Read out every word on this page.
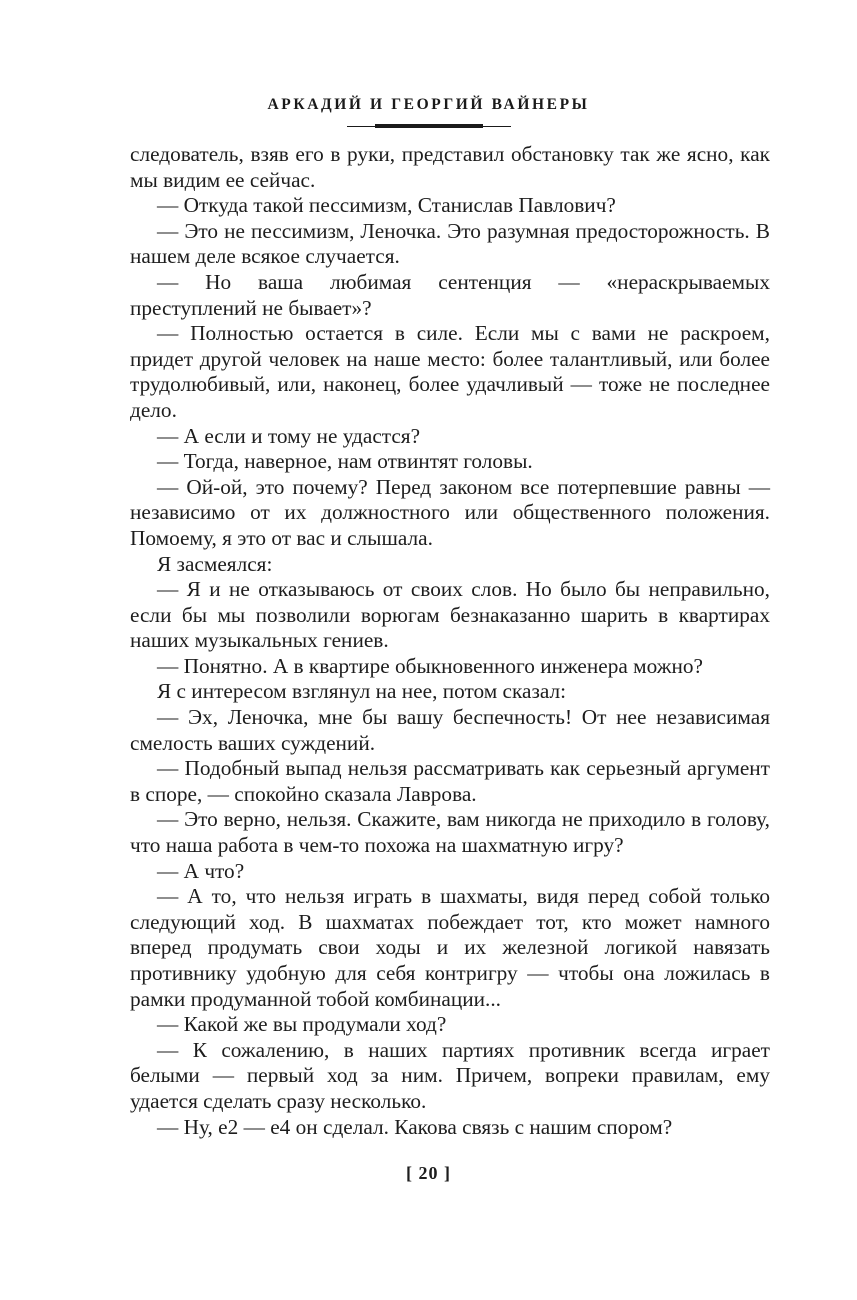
АРКАДИЙ И ГЕОРГИЙ ВАЙНЕРЫ

следователь, взяв его в руки, представил обстановку так же ясно, как мы видим ее сейчас.

— Откуда такой пессимизм, Станислав Павлович?

— Это не пессимизм, Леночка. Это разумная предосторожность. В нашем деле всякое случается.

— Но ваша любимая сентенция — «нераскрываемых преступлений не бывает»?

— Полностью остается в силе. Если мы с вами не раскроем, придет другой человек на наше место: более талантливый, или более трудолюбивый, или, наконец, более удачливый — тоже не последнее дело.

— А если и тому не удастся?

— Тогда, наверное, нам отвинтят головы.

— Ой-ой, это почему? Перед законом все потерпевшие равны — независимо от их должностного или общественного положения. Помоему, я это от вас и слышала.

Я засмеялся:

— Я и не отказываюсь от своих слов. Но было бы неправильно, если бы мы позволили ворюгам безнаказанно шарить в квартирах наших музыкальных гениев.

— Понятно. А в квартире обыкновенного инженера можно?

Я с интересом взглянул на нее, потом сказал:

— Эх, Леночка, мне бы вашу беспечность! От нее независимая смелость ваших суждений.

— Подобный выпад нельзя рассматривать как серьезный аргумент в споре, — спокойно сказала Лаврова.

— Это верно, нельзя. Скажите, вам никогда не приходило в голову, что наша работа в чем-то похожа на шахматную игру?

— А что?

— А то, что нельзя играть в шахматы, видя перед собой только следующий ход. В шахматах побеждает тот, кто может намного вперед продумать свои ходы и их железной логикой навязать противнику удобную для себя контригру — чтобы она ложилась в рамки продуманной тобой комбинации...

— Какой же вы продумали ход?

— К сожалению, в наших партиях противник всегда играет белыми — первый ход за ним. Причем, вопреки правилам, ему удается сделать сразу несколько.

— Ну, е2 — е4 он сделал. Какова связь с нашим спором?

[ 20 ]
